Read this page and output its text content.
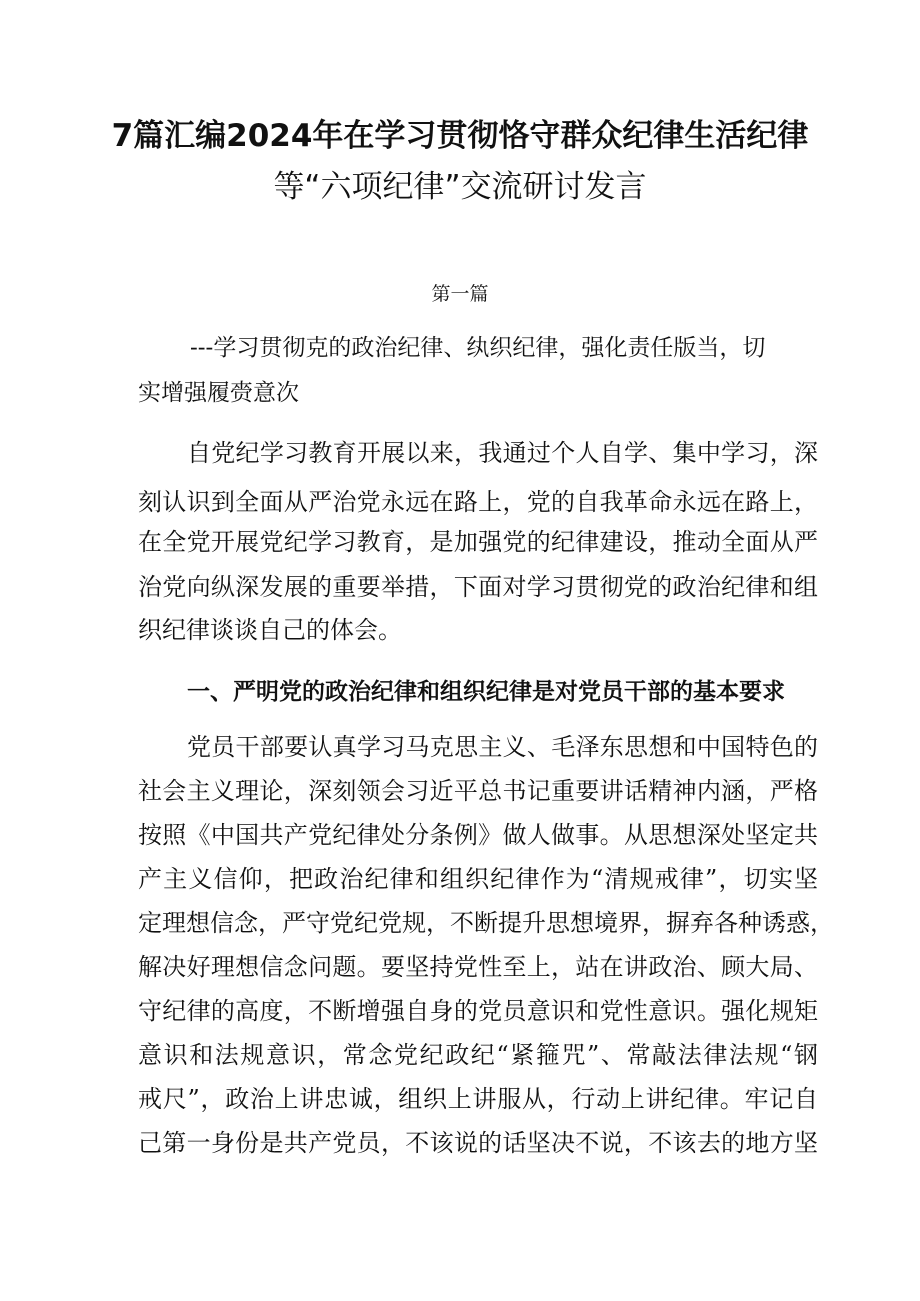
7篇汇编2024年在学习贯彻恪守群众纪律生活纪律
等“六项纪律”交流研讨发言

第一篇

---学习贯彻克的政治纪律、纨织纪律，强化责任版当，切

实增强履赍意次

自党纪学习教育开展以来，我通过个人自学、集中学习，深

刻认识到全面从严治党永远在路上，党的自我革命永远在路上，

在全党开展党纪学习教育，是加强党的纪律建设，推动全面从严

治党向纵深发展的重要举措，下面对学习贯彻党的政治纪律和组

织纪律谈谈自己的体会。

一、严明党的政治纪律和组织纪律是对党员干部的基本要求

党员干部要认真学习马克思主义、毛泽东思想和中国特色的

社会主义理论，深刻领会习近平总书记重要讲话精神内涵，严格

按照《中国共产党纪律处分条例》做人做事。从思想深处坚定共

产主义信仰，把政治纪律和组织纪律作为“清规戒律”，切实坚

定理想信念，严守党纪党规，不断提升思想境界，摒弃各种诱惑，

解决好理想信念问题。要坚持党性至上，站在讲政治、顾大局、

守纪律的高度，不断增强自身的党员意识和党性意识。强化规矩

意识和法规意识，常念党纪政纪“紧箍咒”、常敲法律法规“钢

戒尺”，政治上讲忠诚，组织上讲服从，行动上讲纪律。牢记自

己第一身份是共产党员，不该说的话坚决不说，不该去的地方坚
